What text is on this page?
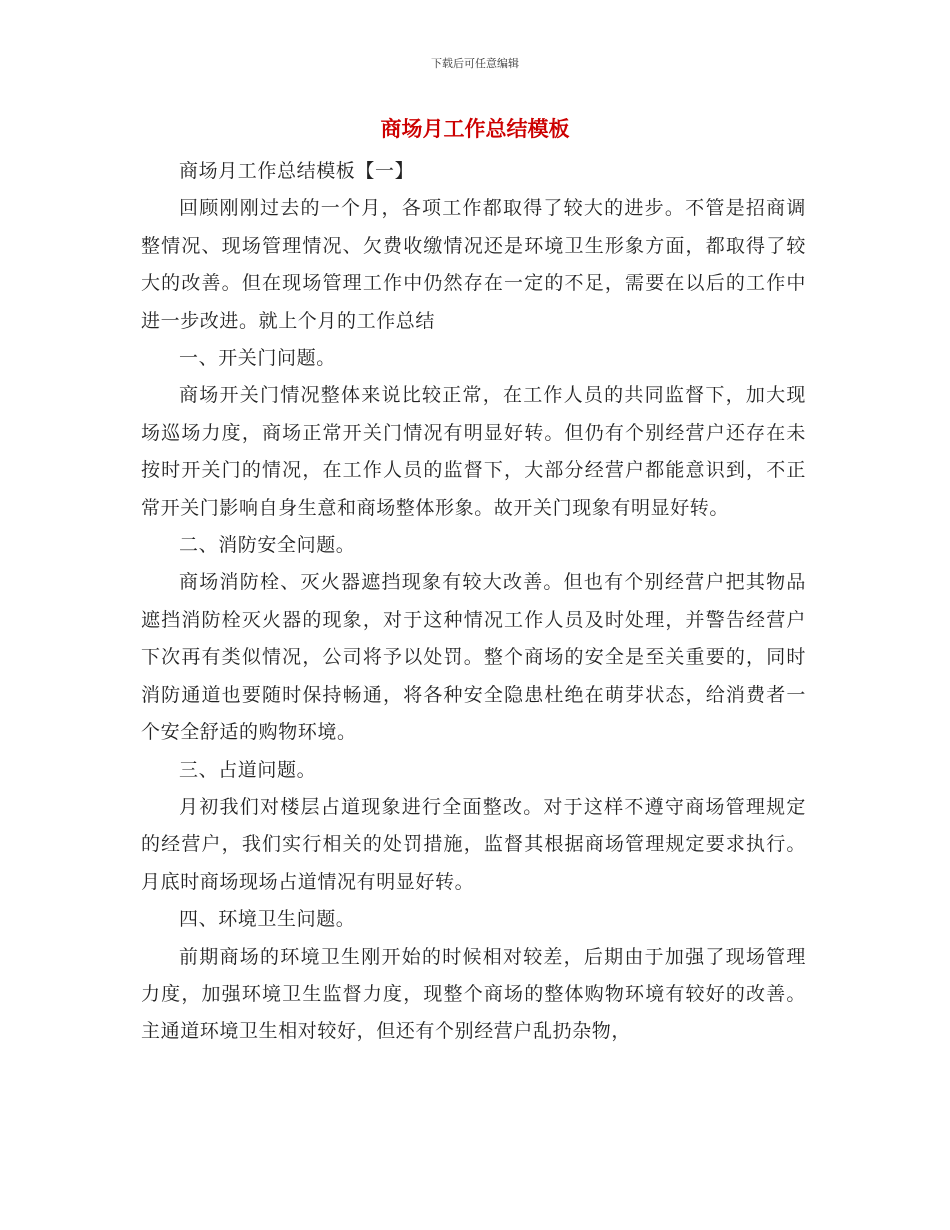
下载后可任意编辑
商场月工作总结模板

商场月工作总结模板【一】

回顾刚刚过去的一个月，各项工作都取得了较大的进步。不管是招商调整情况、现场管理情况、欠费收缴情况还是环境卫生形象方面，都取得了较大的改善。但在现场管理工作中仍然存在一定的不足，需要在以后的工作中进一步改进。就上个月的工作总结

一、开关门问题。

商场开关门情况整体来说比较正常，在工作人员的共同监督下，加大现场巡场力度，商场正常开关门情况有明显好转。但仍有个别经营户还存在未按时开关门的情况，在工作人员的监督下，大部分经营户都能意识到，不正常开关门影响自身生意和商场整体形象。故开关门现象有明显好转。

二、消防安全问题。

商场消防栓、灭火器遮挡现象有较大改善。但也有个别经营户把其物品遮挡消防栓灭火器的现象，对于这种情况工作人员及时处理，并警告经营户下次再有类似情况，公司将予以处罚。整个商场的安全是至关重要的，同时消防通道也要随时保持畅通，将各种安全隐患杜绝在萌芽状态，给消费者一个安全舒适的购物环境。

三、占道问题。

月初我们对楼层占道现象进行全面整改。对于这样不遵守商场管理规定的经营户，我们实行相关的处罚措施，监督其根据商场管理规定要求执行。月底时商场现场占道情况有明显好转。

四、环境卫生问题。

前期商场的环境卫生刚开始的时候相对较差，后期由于加强了现场管理力度，加强环境卫生监督力度，现整个商场的整体购物环境有较好的改善。主通道环境卫生相对较好，但还有个别经营户乱扔杂物，
